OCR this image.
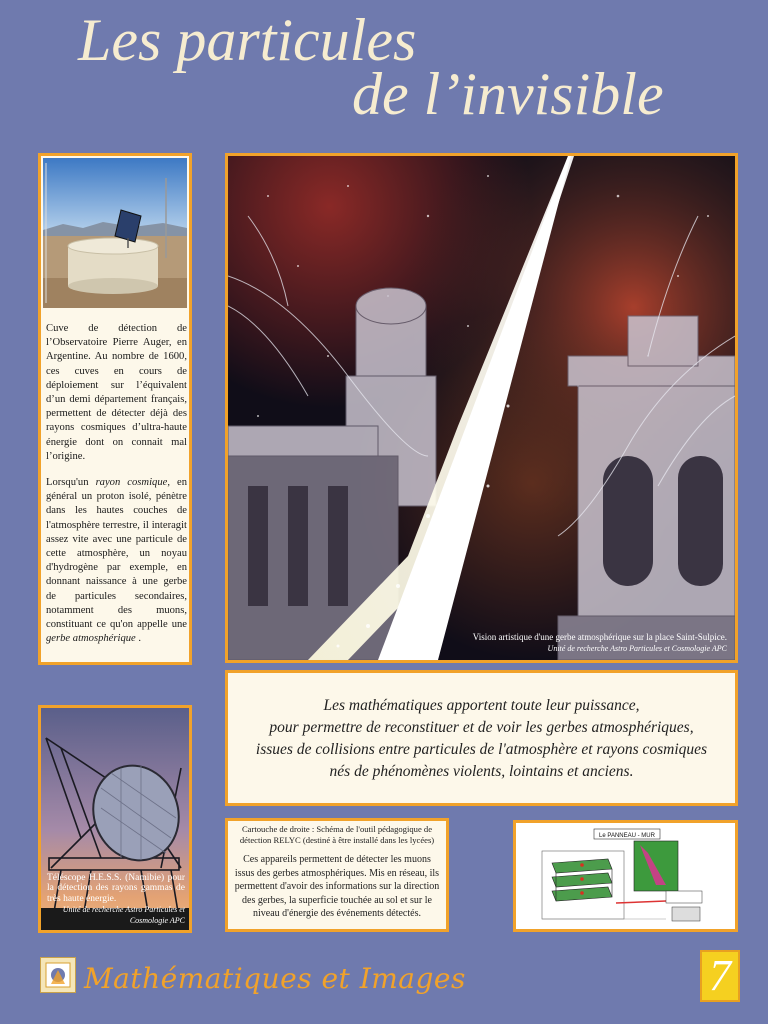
Les particules
de l’invisible

Cuve de détection de l’Observatoire Pierre Auger, en Argentine. Au nombre de 1600, ces cuves en cours de déploiement sur l’équivalent d’un demi département français, permettent de détecter déjà des rayons cosmiques d’ultra-haute énergie dont on connait mal l’origine.

Lorsqu'un rayon cosmique, en général un proton isolé, pénètre dans les hautes couches de l'atmosphère terrestre, il interagit assez vite avec une particule de cette atmosphère, un noyau d'hydrogène par exemple, en donnant naissance à une gerbe de particules secondaires, notamment des muons, constituant ce qu'on appelle une gerbe atmosphérique .	Vision artistique d'une gerbe atmosphérique sur la place Saint-Sulpice.
Unité de recherche Astro Particules et Cosmologie APC
Les mathématiques apportent toute leur puissance,
pour permettre de reconstituer et de voir les gerbes atmosphériques,
issues de collisions entre particules de l'atmosphère et rayons cosmiques
nés de phénomènes violents, lointains et anciens.
Téléscope H.E.S.S. (Namibie) pour la détection des rayons gammas de très haute énergie.
Unité de recherche Astro Particules et Cosmologie APC
Cartouche de droite : Schéma de l'outil pédagogique de détection RELYC (destiné à être installé dans les lycées)
Ces appareils permettent de détecter les muons issus des gerbes atmosphériques. Mis en réseau, ils permettent d'avoir des informations sur la direction des gerbes, la superficie touchée au sol et sur le niveau d'énergie des événements détectés.
Le PANNEAU - MUR
Mathématiques et Images	7
